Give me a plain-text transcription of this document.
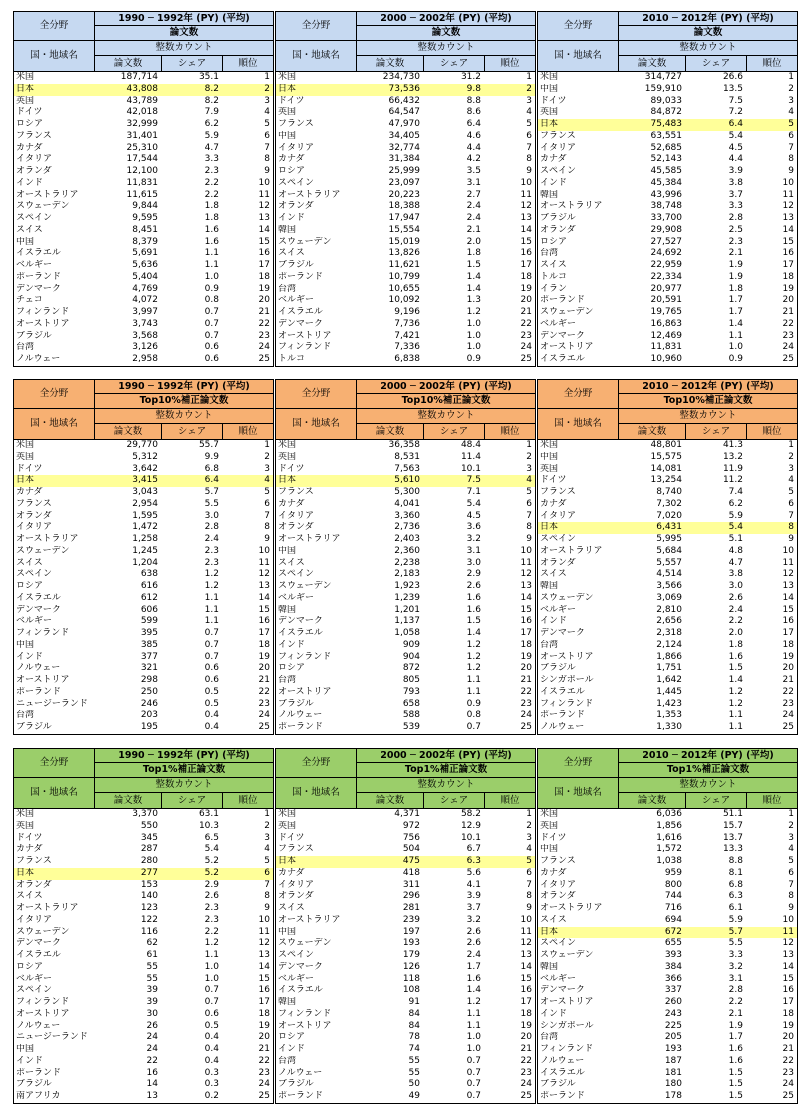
全分野
国・地域名
1990 ─ 1992年 (PY) (平均)
論文数
整数カウント
論文数	シェア	順位
米国	187,714	35.1	1
日本	43,808	8.2	2
英国	43,789	8.2	3
ドイツ	42,018	7.9	4
ロシア	32,999	6.2	5
フランス	31,401	5.9	6
カナダ	25,310	4.7	7
イタリア	17,544	3.3	8
オランダ	12,100	2.3	9
インド	11,831	2.2	10
オーストラリア	11,615	2.2	11
スウェーデン	9,844	1.8	12
スペイン	9,595	1.8	13
スイス	8,451	1.6	14
中国	8,379	1.6	15
イスラエル	5,691	1.1	16
ベルギー	5,636	1.1	17
ポーランド	5,404	1.0	18
デンマーク	4,769	0.9	19
チェコ	4,072	0.8	20
フィンランド	3,997	0.7	21
オーストリア	3,743	0.7	22
ブラジル	3,568	0.7	23
台湾	3,126	0.6	24
ノルウェー	2,958	0.6	25
全分野
国・地域名
2000 ─ 2002年 (PY) (平均)
論文数
整数カウント
論文数	シェア	順位
米国	234,730	31.2	1
日本	73,536	9.8	2
ドイツ	66,432	8.8	3
英国	64,547	8.6	4
フランス	47,970	6.4	5
中国	34,405	4.6	6
イタリア	32,774	4.4	7
カナダ	31,384	4.2	8
ロシア	25,999	3.5	9
スペイン	23,097	3.1	10
オーストラリア	20,223	2.7	11
オランダ	18,388	2.4	12
インド	17,947	2.4	13
韓国	15,554	2.1	14
スウェーデン	15,019	2.0	15
スイス	13,826	1.8	16
ブラジル	11,621	1.5	17
ポーランド	10,799	1.4	18
台湾	10,655	1.4	19
ベルギー	10,092	1.3	20
イスラエル	9,196	1.2	21
デンマーク	7,736	1.0	22
オーストリア	7,421	1.0	23
フィンランド	7,336	1.0	24
トルコ	6,838	0.9	25
全分野
国・地域名
2010 ─ 2012年 (PY) (平均)
論文数
整数カウント
論文数	シェア	順位
米国	314,727	26.6	1
中国	159,910	13.5	2
ドイツ	89,033	7.5	3
英国	84,872	7.2	4
日本	75,483	6.4	5
フランス	63,551	5.4	6
イタリア	52,685	4.5	7
カナダ	52,143	4.4	8
スペイン	45,585	3.9	9
インド	45,384	3.8	10
韓国	43,996	3.7	11
オーストラリア	38,748	3.3	12
ブラジル	33,700	2.8	13
オランダ	29,908	2.5	14
ロシア	27,527	2.3	15
台湾	24,692	2.1	16
スイス	22,959	1.9	17
トルコ	22,334	1.9	18
イラン	20,977	1.8	19
ポーランド	20,591	1.7	20
スウェーデン	19,765	1.7	21
ベルギー	16,863	1.4	22
デンマーク	12,469	1.1	23
オーストリア	11,831	1.0	24
イスラエル	10,960	0.9	25
全分野
国・地域名
1990 ─ 1992年 (PY) (平均)
Top10%補正論文数
整数カウント
論文数	シェア	順位
米国	29,770	55.7	1
英国	5,312	9.9	2
ドイツ	3,642	6.8	3
日本	3,415	6.4	4
カナダ	3,043	5.7	5
フランス	2,954	5.5	6
オランダ	1,595	3.0	7
イタリア	1,472	2.8	8
オーストラリア	1,258	2.4	9
スウェーデン	1,245	2.3	10
スイス	1,204	2.3	11
スペイン	638	1.2	12
ロシア	616	1.2	13
イスラエル	612	1.1	14
デンマーク	606	1.1	15
ベルギー	599	1.1	16
フィンランド	395	0.7	17
中国	385	0.7	18
インド	377	0.7	19
ノルウェー	321	0.6	20
オーストリア	298	0.6	21
ポーランド	250	0.5	22
ニュージーランド	246	0.5	23
台湾	203	0.4	24
ブラジル	195	0.4	25
全分野
国・地域名
2000 ─ 2002年 (PY) (平均)
Top10%補正論文数
整数カウント
論文数	シェア	順位
米国	36,358	48.4	1
英国	8,531	11.4	2
ドイツ	7,563	10.1	3
日本	5,610	7.5	4
フランス	5,300	7.1	5
カナダ	4,041	5.4	6
イタリア	3,360	4.5	7
オランダ	2,736	3.6	8
オーストラリア	2,403	3.2	9
中国	2,360	3.1	10
スイス	2,238	3.0	11
スペイン	2,183	2.9	12
スウェーデン	1,923	2.6	13
ベルギー	1,239	1.6	14
韓国	1,201	1.6	15
デンマーク	1,137	1.5	16
イスラエル	1,058	1.4	17
インド	909	1.2	18
フィンランド	904	1.2	19
ロシア	872	1.2	20
台湾	805	1.1	21
オーストリア	793	1.1	22
ブラジル	658	0.9	23
ノルウェー	588	0.8	24
ポーランド	539	0.7	25
全分野
国・地域名
2010 ─ 2012年 (PY) (平均)
Top10%補正論文数
整数カウント
論文数	シェア	順位
米国	48,801	41.3	1
中国	15,575	13.2	2
英国	14,081	11.9	3
ドイツ	13,254	11.2	4
フランス	8,740	7.4	5
カナダ	7,302	6.2	6
イタリア	7,020	5.9	7
日本	6,431	5.4	8
スペイン	5,995	5.1	9
オーストラリア	5,684	4.8	10
オランダ	5,557	4.7	11
スイス	4,514	3.8	12
韓国	3,566	3.0	13
スウェーデン	3,069	2.6	14
ベルギー	2,810	2.4	15
インド	2,656	2.2	16
デンマーク	2,318	2.0	17
台湾	2,124	1.8	18
オーストリア	1,866	1.6	19
ブラジル	1,751	1.5	20
シンガポール	1,642	1.4	21
イスラエル	1,445	1.2	22
フィンランド	1,423	1.2	23
ポーランド	1,353	1.1	24
ノルウェー	1,330	1.1	25
全分野
国・地域名
1990 ─ 1992年 (PY) (平均)
Top1%補正論文数
整数カウント
論文数	シェア	順位
米国	3,370	63.1	1
英国	550	10.3	2
ドイツ	345	6.5	3
カナダ	287	5.4	4
フランス	280	5.2	5
日本	277	5.2	6
オランダ	153	2.9	7
スイス	140	2.6	8
オーストラリア	123	2.3	9
イタリア	122	2.3	10
スウェーデン	116	2.2	11
デンマーク	62	1.2	12
イスラエル	61	1.1	13
ロシア	55	1.0	14
ベルギー	55	1.0	15
スペイン	39	0.7	16
フィンランド	39	0.7	17
オーストリア	30	0.6	18
ノルウェー	26	0.5	19
ニュージーランド	24	0.4	20
中国	24	0.4	21
インド	22	0.4	22
ポーランド	16	0.3	23
ブラジル	14	0.3	24
南アフリカ	13	0.2	25
全分野
国・地域名
2000 ─ 2002年 (PY) (平均)
Top1%補正論文数
整数カウント
論文数	シェア	順位
米国	4,371	58.2	1
英国	972	12.9	2
ドイツ	756	10.1	3
フランス	504	6.7	4
日本	475	6.3	5
カナダ	418	5.6	6
イタリア	311	4.1	7
オランダ	296	3.9	8
スイス	281	3.7	9
オーストラリア	239	3.2	10
中国	197	2.6	11
スウェーデン	193	2.6	12
スペイン	179	2.4	13
デンマーク	126	1.7	14
ベルギー	118	1.6	15
イスラエル	108	1.4	16
韓国	91	1.2	17
フィンランド	84	1.1	18
オーストリア	84	1.1	19
ロシア	78	1.0	20
インド	74	1.0	21
台湾	55	0.7	22
ノルウェー	55	0.7	23
ブラジル	50	0.7	24
ポーランド	49	0.7	25
全分野
国・地域名
2010 ─ 2012年 (PY) (平均)
Top1%補正論文数
整数カウント
論文数	シェア	順位
米国	6,036	51.1	1
英国	1,856	15.7	2
ドイツ	1,616	13.7	3
中国	1,572	13.3	4
フランス	1,038	8.8	5
カナダ	959	8.1	6
イタリア	800	6.8	7
オランダ	744	6.3	8
オーストラリア	716	6.1	9
スイス	694	5.9	10
日本	672	5.7	11
スペイン	655	5.5	12
スウェーデン	393	3.3	13
韓国	384	3.2	14
ベルギー	366	3.1	15
デンマーク	337	2.8	16
オーストリア	260	2.2	17
インド	243	2.1	18
シンガポール	225	1.9	19
台湾	205	1.7	20
フィンランド	193	1.6	21
ノルウェー	187	1.6	22
イスラエル	181	1.5	23
ブラジル	180	1.5	24
ポーランド	178	1.5	25
